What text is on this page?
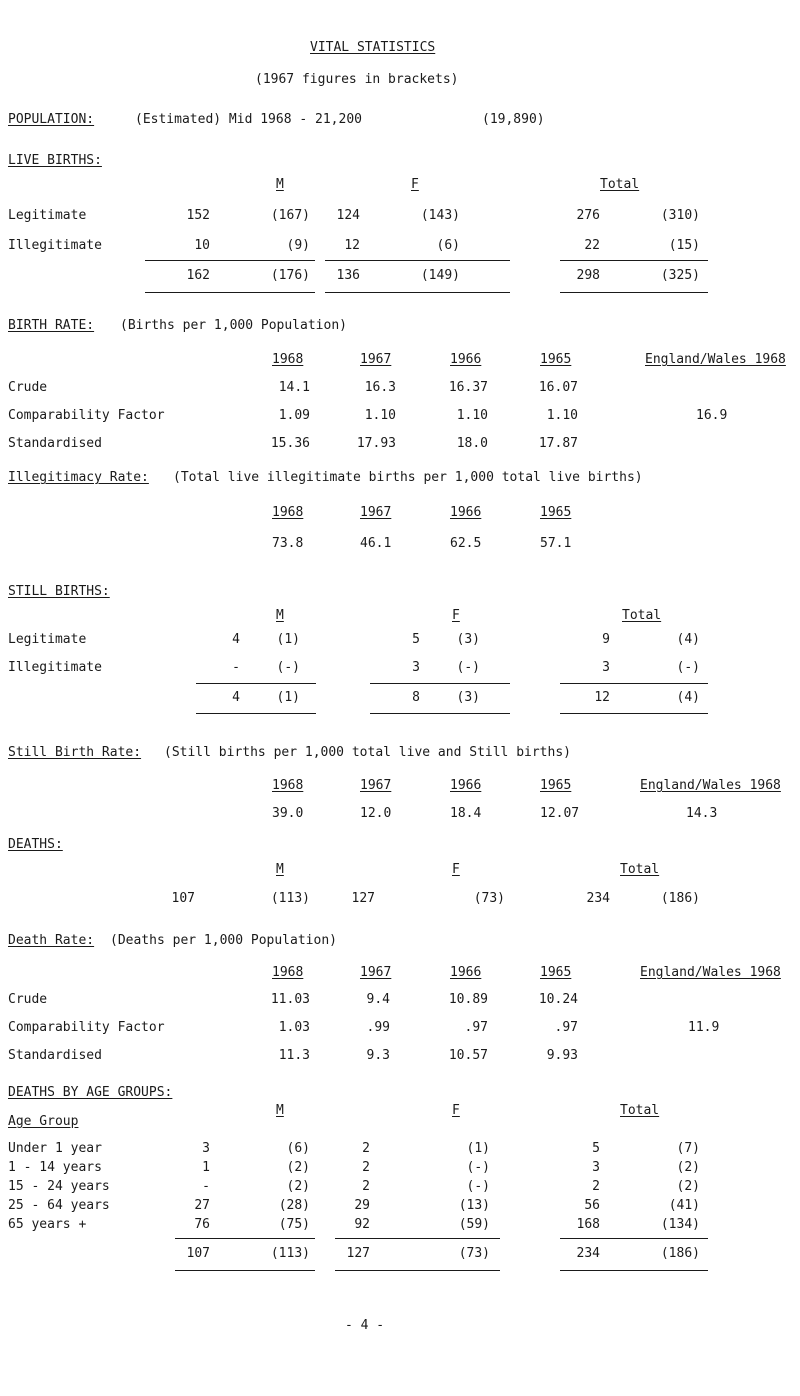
VITAL STATISTICS
(1967 figures in brackets)
POPULATION:	(Estimated) Mid 1968 - 21,200	(19,890)
LIVE BIRTHS:
M	F	Total
Legitimate	152	(167)	124	(143)	276	(310)
Illegitimate	10	(9)	12	(6)	22	(15)
162	(176)	136	(149)	298	(325)
BIRTH RATE: (Births per 1,000 Population)
1968	1967	1966	1965	England/Wales 1968
Crude	14.1	16.3	16.37	16.07
Comparability Factor	1.09	1.10	1.10	1.10	16.9
Standardised	15.36	17.93	18.0	17.87
Illegitimacy Rate: (Total live illegitimate births per 1,000 total live births)
1968	1967	1966	1965
73.8	46.1	62.5	57.1
STILL BIRTHS:
M	F	Total
Legitimate	4	(1)	5	(3)	9	(4)
Illegitimate	-	(-)	3	(-)	3	(-)
4	(1)	8	(3)	12	(4)
Still Birth Rate: (Still births per 1,000 total live and Still births)
1968	1967	1966	1965	England/Wales 1968
39.0	12.0	18.4	12.07	14.3
DEATHS:
M	F	Total
107	(113)	127	(73)	234	(186)
Death Rate: (Deaths per 1,000 Population)
1968	1967	1966	1965	England/Wales 1968
Crude	11.03	9.4	10.89	10.24
Comparability Factor	1.03	.99	.97	.97	11.9
Standardised	11.3	9.3	10.57	9.93
DEATHS BY AGE GROUPS:
M	F	Total
Age Group
Under 1 year	3	(6)	2	(1)	5	(7)
1 - 14 years	1	(2)	2	(-)	3	(2)
15 - 24 years	-	(2)	2	(-)	2	(2)
25 - 64 years	27	(28)	29	(13)	56	(41)
65 years +	76	(75)	92	(59)	168	(134)
107	(113)	127	(73)	234	(186)
- 4 -
